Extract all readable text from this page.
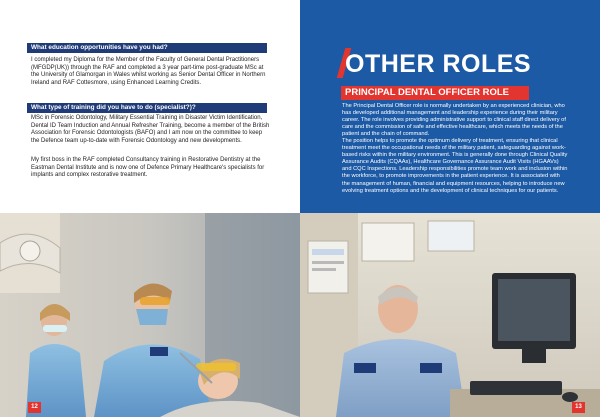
What education opportunities have you had?

I completed my Diploma for the Member of the Faculty of General Dental Practitioners (MFGDP(UK)) through the RAF and completed a 3 year part-time post-graduate MSc at the University of Glamorgan in Wales whilst working as Senior Dental Officer in Northern Ireland and RAF Cottesmore, using Enhanced Learning Credits.

What type of training did you have to do (specialist?)?

MSc in Forensic Odontology, Military Essential Training in Disaster Victim Identification, Dental ID Team Induction and Annual Refresher Training, become a member of the British Association for Forensic Odontologists (BAFO) and I am now on the committee to keep the Defence team up-to-date with Forensic Odontology and new developments.

My first boss in the RAF completed Consultancy training in Restorative Dentistry at the Eastman Dental Institute and is now one of Defence Primary Healthcare's specialists for implants and complex restorative treatment.

12
OTHER ROLES
PRINCIPAL DENTAL OFFICER ROLE
The Principal Dental Officer role is normally undertaken by an experienced clinician, who has developed additional management and leadership experience during their military career. The role involves providing administrative support to clinical staff direct delivery of care and the commission of safe and effective healthcare, which meets the needs of the patient and the chain of command.
The position helps to promote the optimum delivery of treatment, ensuring that clinical treatment meet the occupational needs of the military patient, safeguarding against work-based risks within the military environment. This is generally done through Clinical Quality Assurance Audits (CQAAs), Healthcare Governance Assurance Audit Visits (HGAAVs) and CQC Inspections. Leadership responsibilities promote team work and inclusion within the workforce, to promote improvements in the patient experience. It is associated with the management of human, financial and equipment resources, helping to introduce new evolving treatment options and the development of clinical techniques for our patients.
13
